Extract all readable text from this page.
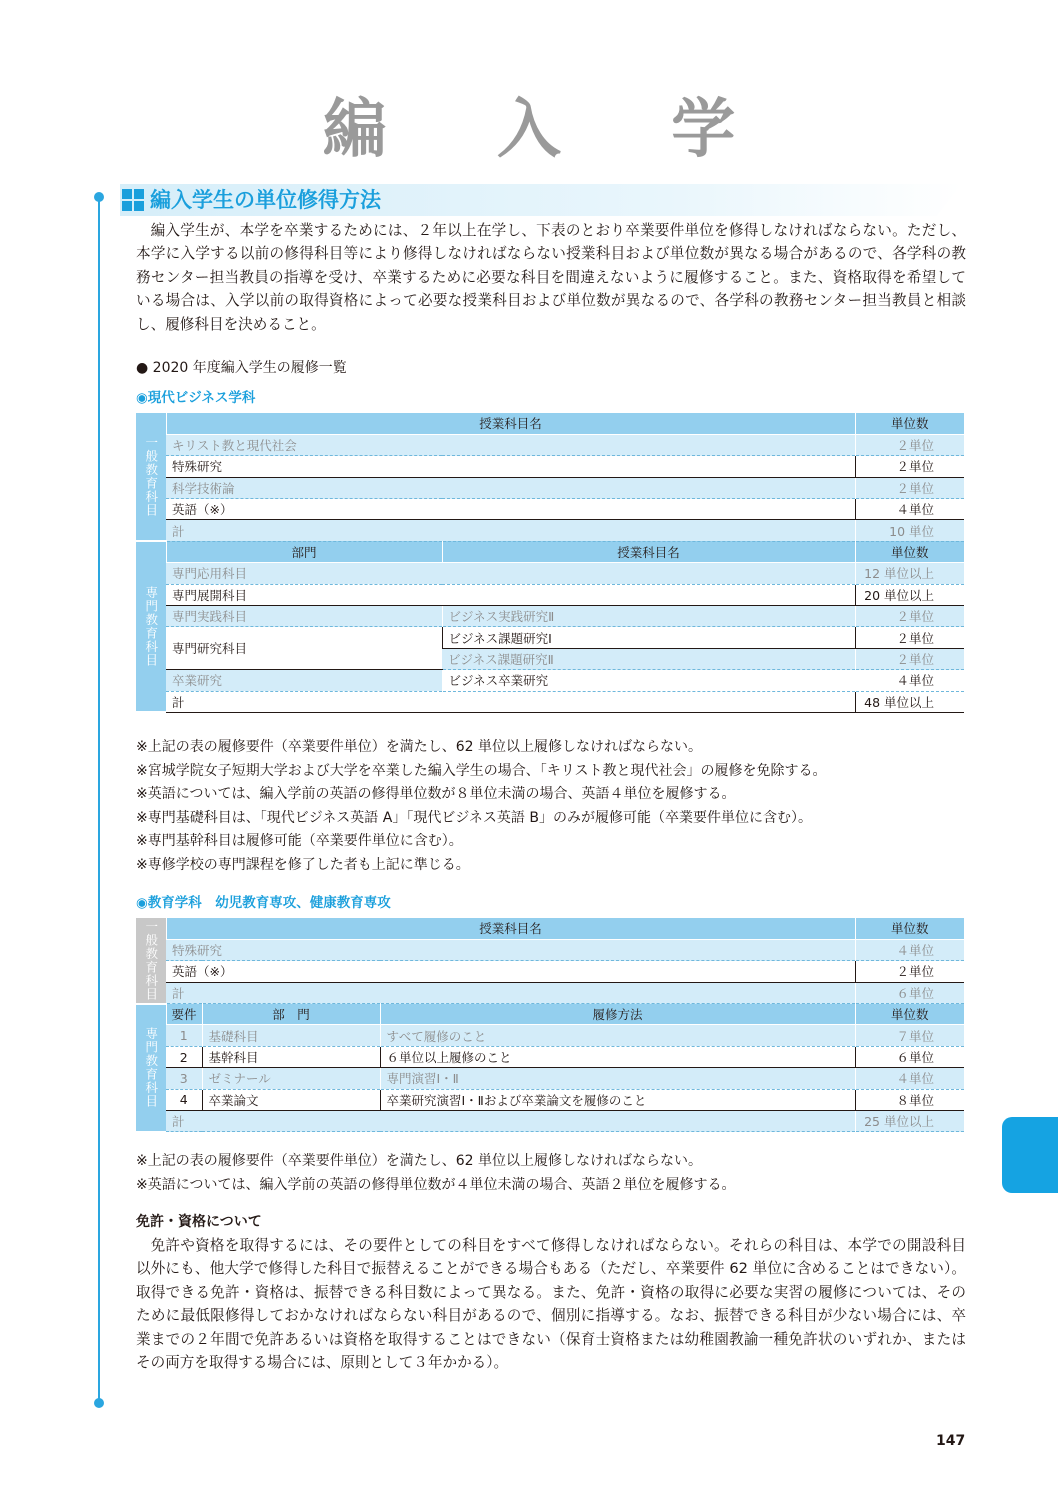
編 入 学
編入学生の単位修得方法

編入学生が、本学を卒業するためには、２年以上在学し、下表のとおり卒業要件単位を修得しなければならない。ただし、本学に入学する以前の修得科目等により修得しなければならない授業科目および単位数が異なる場合があるので、各学科の教務センター担当教員の指導を受け、卒業するために必要な科目を間違えないように履修すること。また、資格取得を希望している場合は、入学以前の取得資格によって必要な授業科目および単位数が異なるので、各学科の教務センター担当教員と相談し、履修科目を決めること。

● 2020 年度編入学生の履修一覧
◉現代ビジネス学科
一般教育科目	授業科目名		単位数
	キリスト教と現代社会		２単位
	特殊研究		２単位
	科学技術論		２単位
	英語（※）		４単位
	計		10 単位

専門教育科目	部門	授業科目名	単位数
	専門応用科目		12 単位以上
	専門展開科目		20 単位以上
	専門実践科目	ビジネス実践研究Ⅱ	２単位
	専門研究科目	ビジネス課題研究Ⅰ	２単位
		ビジネス課題研究Ⅱ	２単位
	卒業研究	ビジネス卒業研究	４単位
	計		48 単位以上
※上記の表の履修要件（卒業要件単位）を満たし、62 単位以上履修しなければならない。
※宮城学院女子短期大学および大学を卒業した編入学生の場合、「キリスト教と現代社会」の履修を免除する。
※英語については、編入学前の英語の修得単位数が８単位未満の場合、英語４単位を履修する。
※専門基礎科目は、「現代ビジネス英語 A」「現代ビジネス英語 B」のみが履修可能（卒業要件単位に含む）。
※専門基幹科目は履修可能（卒業要件単位に含む）。
※専修学校の専門課程を修了した者も上記に準じる。
◉教育学科　幼児教育専攻、健康教育専攻
一般教育科目	授業科目名			単位数
	特殊研究			４単位
	英語（※）			２単位
	計			６単位

専門教育科目	要件	部　門	履修方法	単位数
	1	基礎科目	すべて履修のこと	７単位
	2	基幹科目	６単位以上履修のこと	６単位
	3	ゼミナール	専門演習Ⅰ・Ⅱ	４単位
	4	卒業論文	卒業研究演習Ⅰ・Ⅱおよび卒業論文を履修のこと	８単位
	計			25 単位以上
※上記の表の履修要件（卒業要件単位）を満たし、62 単位以上履修しなければならない。
※英語については、編入学前の英語の修得単位数が４単位未満の場合、英語２単位を履修する。
免許・資格について

免許や資格を取得するには、その要件としての科目をすべて修得しなければならない。それらの科目は、本学での開設科目以外にも、他大学で修得した科目で振替えることができる場合もある（ただし、卒業要件 62 単位に含めることはできない）。取得できる免許・資格は、振替できる科目数によって異なる。また、免許・資格の取得に必要な実習の履修については、そのために最低限修得しておかなければならない科目があるので、個別に指導する。なお、振替できる科目が少ない場合には、卒業までの２年間で免許あるいは資格を取得することはできない（保育士資格または幼稚園教諭一種免許状のいずれか、またはその両方を取得する場合には、原則として３年かかる）。

147
